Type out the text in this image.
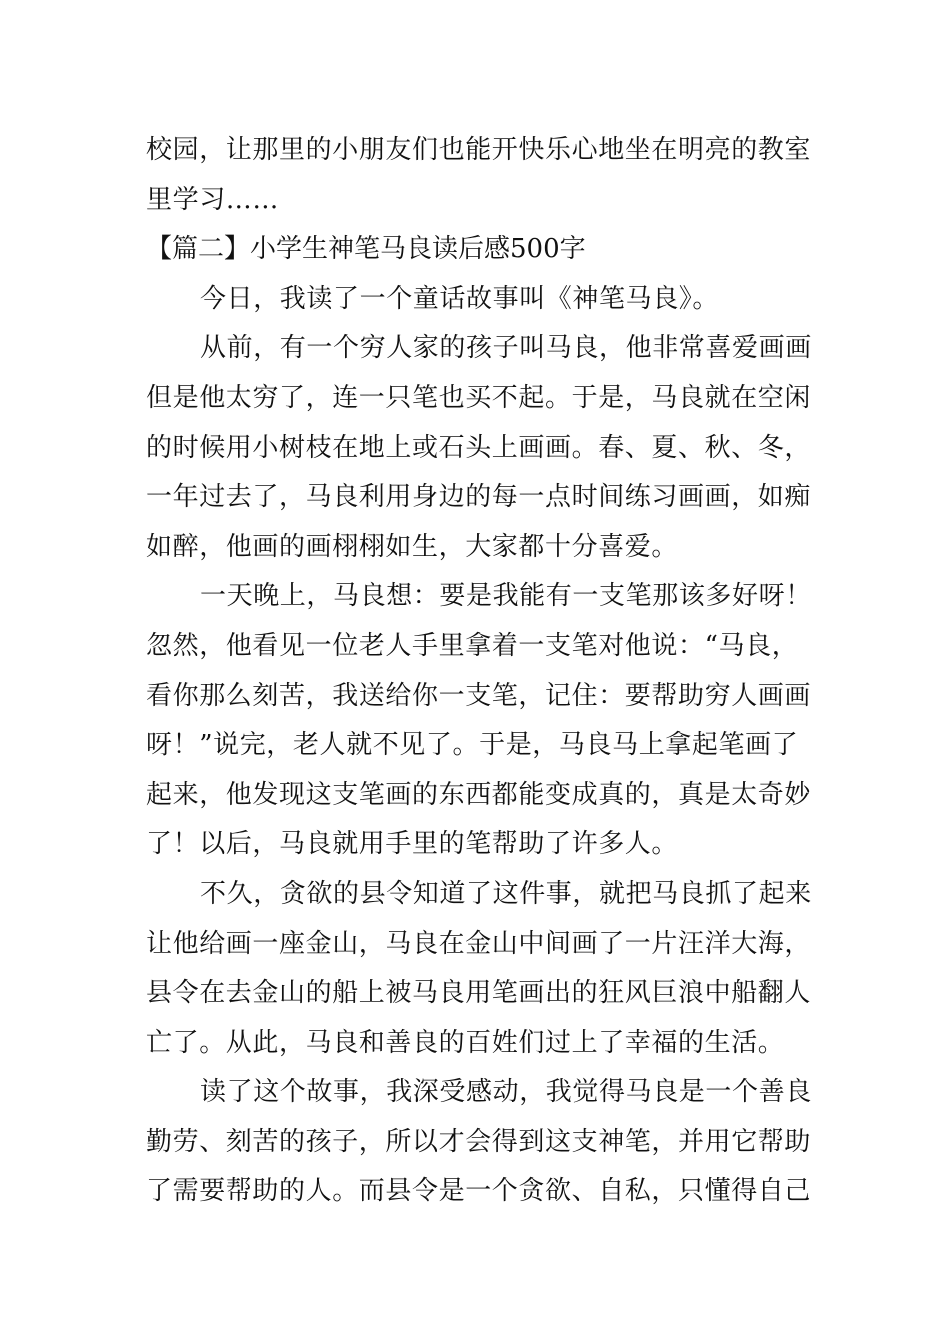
校园，让那里的小朋友们也能开快乐心地坐在明亮的教室
里学习……
【篇二】小学生神笔马良读后感500字
今日，我读了一个童话故事叫《神笔马良》。
从前，有一个穷人家的孩子叫马良，他非常喜爱画画
但是他太穷了，连一只笔也买不起。于是，马良就在空闲
的时候用小树枝在地上或石头上画画。春、夏、秋、冬，
一年过去了，马良利用身边的每一点时间练习画画，如痴
如醉，他画的画栩栩如生，大家都十分喜爱。
一天晚上，马良想：要是我能有一支笔那该多好呀！
忽然，他看见一位老人手里拿着一支笔对他说：“马良，
看你那么刻苦，我送给你一支笔，记住：要帮助穷人画画
呀！”说完，老人就不见了。于是，马良马上拿起笔画了
起来，他发现这支笔画的东西都能变成真的，真是太奇妙
了！以后，马良就用手里的笔帮助了许多人。
不久，贪欲的县令知道了这件事，就把马良抓了起来
让他给画一座金山，马良在金山中间画了一片汪洋大海，
县令在去金山的船上被马良用笔画出的狂风巨浪中船翻人
亡了。从此，马良和善良的百姓们过上了幸福的生活。
读了这个故事，我深受感动，我觉得马良是一个善良
勤劳、刻苦的孩子，所以才会得到这支神笔，并用它帮助
了需要帮助的人。而县令是一个贪欲、自私，只懂得自己
